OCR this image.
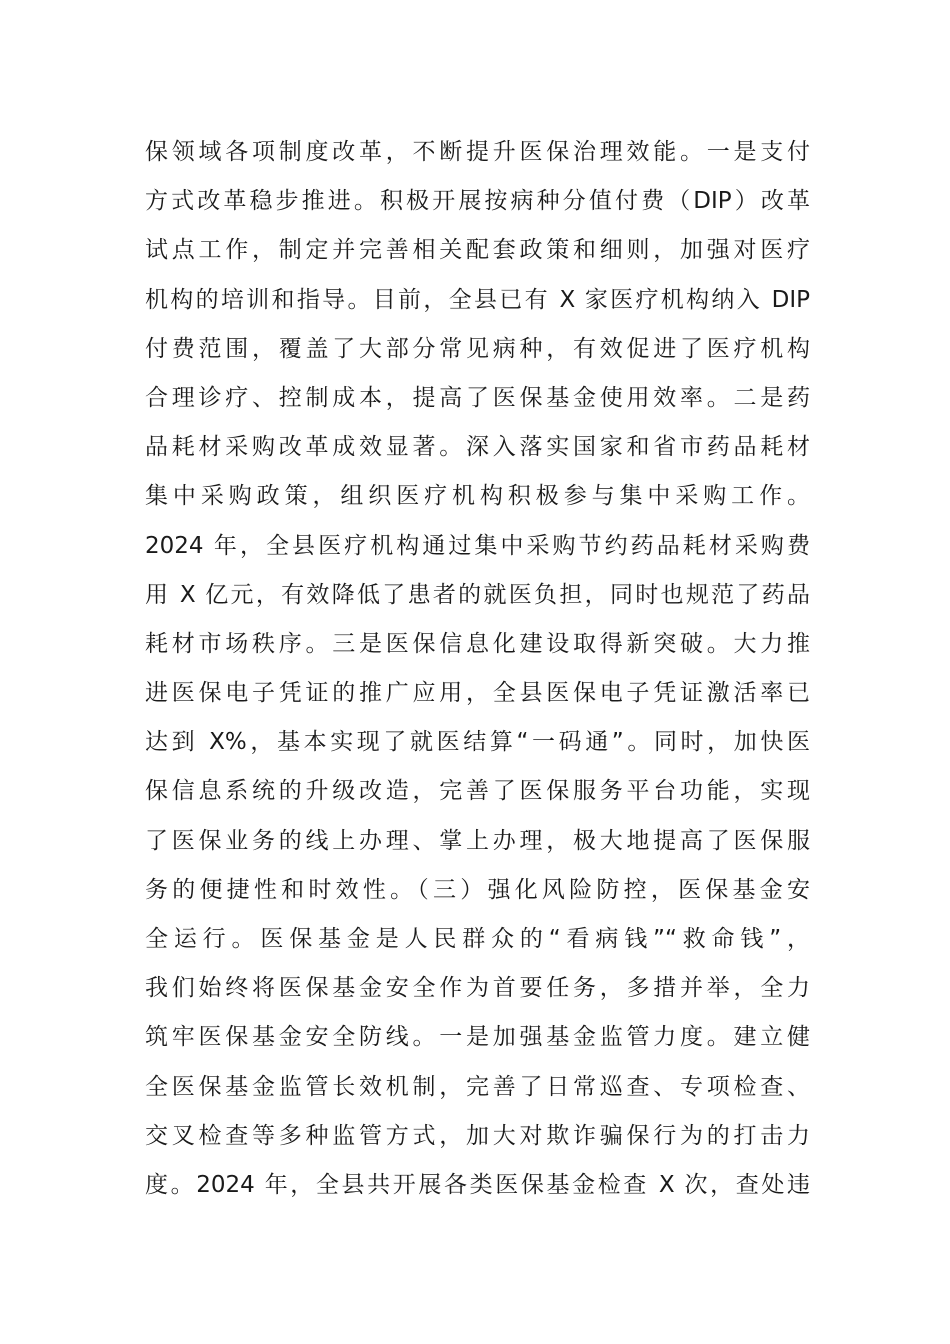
保领域各项制度改革，不断提升医保治理效能。一是支付
方式改革稳步推进。积极开展按病种分值付费（DIP）改革
试点工作，制定并完善相关配套政策和细则，加强对医疗
机构的培训和指导。目前，全县已有 X 家医疗机构纳入 DIP
付费范围，覆盖了大部分常见病种，有效促进了医疗机构
合理诊疗、控制成本，提高了医保基金使用效率。二是药
品耗材采购改革成效显著。深入落实国家和省市药品耗材
集中采购政策，组织医疗机构积极参与集中采购工作。
2024 年，全县医疗机构通过集中采购节约药品耗材采购费
用 X 亿元，有效降低了患者的就医负担，同时也规范了药品
耗材市场秩序。三是医保信息化建设取得新突破。大力推
进医保电子凭证的推广应用，全县医保电子凭证激活率已
达到 X%，基本实现了就医结算“一码通”。同时，加快医
保信息系统的升级改造，完善了医保服务平台功能，实现
了医保业务的线上办理、掌上办理，极大地提高了医保服
务的便捷性和时效性。（三）强化风险防控，医保基金安
全运行。医保基金是人民群众的“看病钱”“救命钱”，
我们始终将医保基金安全作为首要任务，多措并举，全力
筑牢医保基金安全防线。一是加强基金监管力度。建立健
全医保基金监管长效机制，完善了日常巡查、专项检查、
交叉检查等多种监管方式，加大对欺诈骗保行为的打击力
度。2024 年，全县共开展各类医保基金检查 X 次，查处违
